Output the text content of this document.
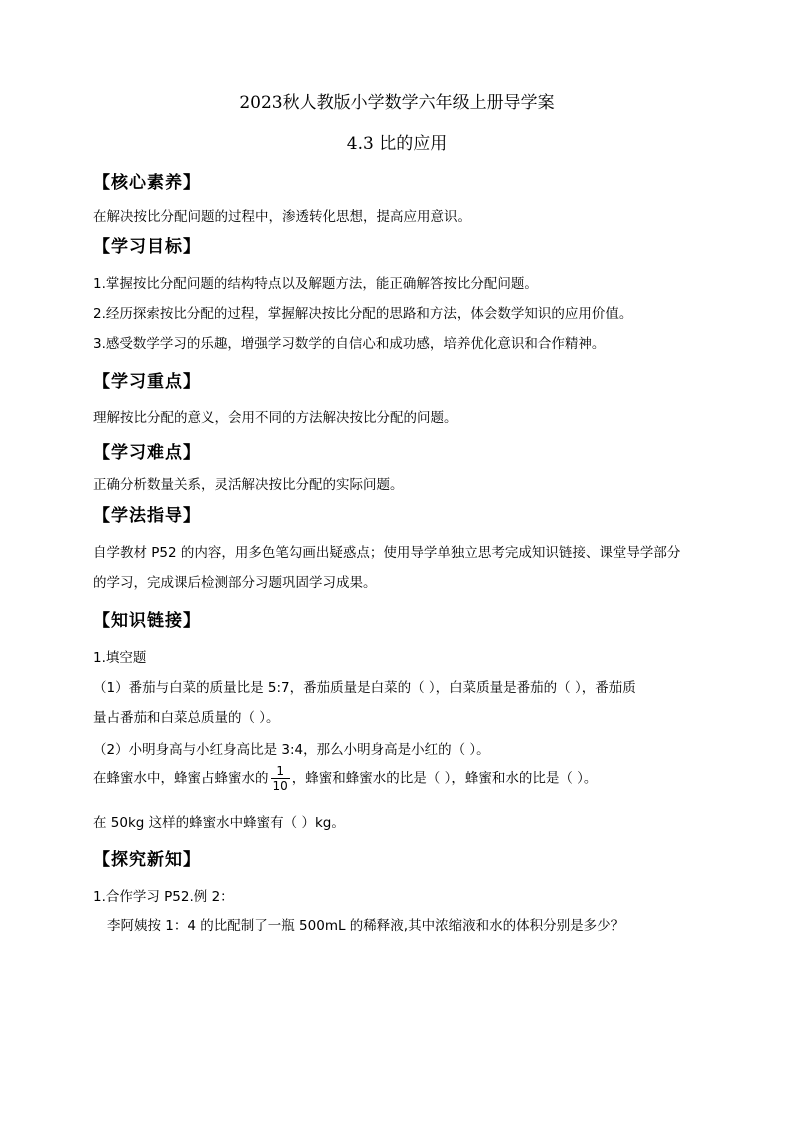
2023秋人教版小学数学六年级上册导学案
4.3 比的应用
【核心素养】
在解决按比分配问题的过程中，渗透转化思想，提高应用意识。
【学习目标】
1.掌握按比分配问题的结构特点以及解题方法，能正确解答按比分配问题。
2.经历探索按比分配的过程，掌握解决按比分配的思路和方法，体会数学知识的应用价值。
3.感受数学学习的乐趣，增强学习数学的自信心和成功感，培养优化意识和合作精神。
【学习重点】
理解按比分配的意义，会用不同的方法解决按比分配的问题。
【学习难点】
正确分析数量关系，灵活解决按比分配的实际问题。
【学法指导】
自学教材 P52 的内容，用多色笔勾画出疑惑点；使用导学单独立思考完成知识链接、课堂导学部分
的学习，完成课后检测部分习题巩固学习成果。
【知识链接】
1.填空题
（1）番茄与白菜的质量比是 5:7，番茄质量是白菜的（ ），白菜质量是番茄的（ ），番茄质
量占番茄和白菜总质量的（ ）。
（2）小明身高与小红身高比是 3:4，那么小明身高是小红的（ ）。
在蜂蜜水中，蜂蜜占蜂蜜水的 $\frac{1}{10}$ ，蜂蜜和蜂蜜水的比是（ ），蜂蜜和水的比是（ ）。
在 50kg 这样的蜂蜜水中蜂蜜有（ ）kg。
【探究新知】
1.合作学习 P52.例 2：
李阿姨按 1：4 的比配制了一瓶 500mL 的稀释液,其中浓缩液和水的体积分别是多少？
